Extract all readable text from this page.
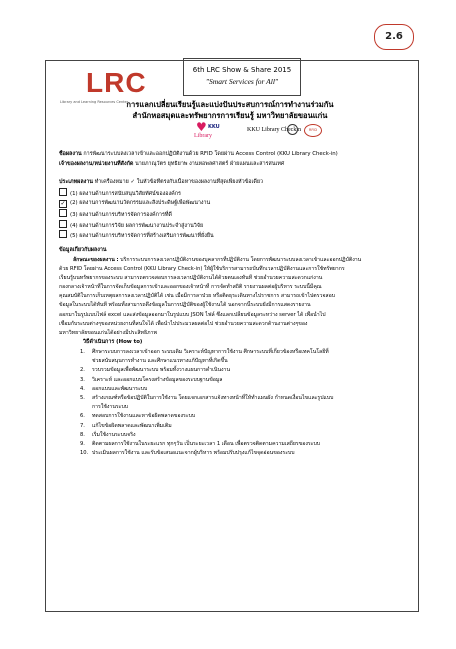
2.6
LRC
Library and Learning Resources Center
6th LRC Show & Share 2015
"Smart Services for All"
การแลกเปลี่ยนเรียนรู้และแบ่งปันประสบการณ์การทำงานร่วมกัน
สำนักหอสมุดและทรัพยากรการเรียนรู้ มหาวิทยาลัยขอนแก่น
♥ KKU
Library
KKU Library Checkin	RFID
ชื่อผลงาน การพัฒนาระบบลงเวลาเข้าและออกปฏิบัติงานด้วย RFID โดยผ่าน Access Control (KKU Library Check-in)
เจ้าของผลงาน/หน่วยงานที่สังกัด นายภาณุวัตร ยุทธิยาพ งานหอพลศาสตร์ ฝ่ายแผนและสารสนเทศ
ประเภทผลงาน ทำเครื่องหมาย ✓ ในหัวข้อที่ตรงกับเนื้อหาของผลงานที่สุดเพียงหัวข้อเดียว
(1) ผลงานด้านการสนับสนุนวิสัยทัศน์ขององค์กร
✓ (2) ผลงานการพัฒนานวัตกรรมและสิ่งประดิษฐ์เพื่อพัฒนางาน
(3) ผลงานด้านการบริหารจัดการองค์การที่ดี
(4) ผลงานด้านการวิจัย ผลการพัฒนางานประจำสู่งานวิจัย
(5) ผลงานด้านการบริหารจัดการที่สร้างเสริมการพัฒนาที่ยั่งยืน
ข้อมูลเกี่ยวกับผลงาน
ลักษณะของผลงาน : บริการระบบการลงเวลาปฏิบัติงานของบุคลากรที่ปฏิบัติงาน โดยการพัฒนาระบบลงเวลาเข้าและออกปฏิบัติงาน
ด้วย RFID โดยผ่าน Access Control (KKU Library Check-in) ให้ผู้ใช้บริการสามารถบันทึกเวลาปฏิบัติงานและการใช้ทรัพยากร
เรียนรู้บนทรัพยากรของระบบ สามารถตรวจสอบการลงเวลาปฏิบัติงานได้ด้วยตนเองทันที ช่วยอำนวยความสะดวกแก่งาน
กองกลางเจ้าหน้าที่ในการจัดเก็บข้อมูลการเข้าและออกของเจ้าหน้าที่ การจัดทำสถิติ รายงานผลต่อผู้บริหาร ระบบนี้มีคุณ
คุณสมบัติในการเก็บเหตุผลการลงเวลาปฏิบัติได้ เช่น เมื่อมีการลาป่วย หรือติดธุระเดินทางไปราชการ สามารถเข้าไปตรวจสอบ
ข้อมูลในระบบได้ทันที พร้อมทั้งสามารถดึงข้อมูลในการปฏิบัติของผู้ใช้งานได้ นอกจากนี้ระบบยังมีการแสดงรายงาน
ออกมาในรูปแบบไฟล์ excel และส่งข้อมูลออกมาในรูปแบบ JSON ไฟล์ ซึ่งแลกเปลี่ยนข้อมูลระหว่าง server ได้ เพื่อนำไป
เชื่อมกับระบบต่างๆของหน่วยงานที่สนใจได้ เพื่อนำไปประมวลผลต่อไป ช่วยอำนวยความสะดวกด้านงานต่างๆของ
มหาวิทยาลัยขอนแก่นได้อย่างมีประสิทธิภาพ
วิธีดำเนินการ (How to)
1. ศึกษาระบบการลงเวลาเข้าออก ระบบเดิม วิเคราะห์ปัญหาการใช้งาน ศึกษาระบบที่เกี่ยวข้องหรือเทคโนโลยีที่
ช่วยสนับสนุนการทำงาน และศึกษาแนวทางแก้ปัญหาที่เกิดขึ้น
2. รวบรวมข้อมูลเพื่อพัฒนาระบบ พร้อมทั้งวางแผนการดำเนินงาน
3. วิเคราะห์ และออกแบบโครงสร้างข้อมูลของระบบฐานข้อมูล
4. ออกแบบและพัฒนาระบบ
5. สร้างเกณฑ์หรือข้อปฏิบัติในการใช้งาน โดยแจกเอกสารแจ้งทางหน้าที่ให้ทำแผนผัง กำหนดเงื่อนไขและรูปแบบ
การใช้งานระบบ
6. ทดสอบการใช้งานและหาข้อผิดพลาดของระบบ
7. แก้ไขข้อผิดพลาดและพัฒนาเพิ่มเติม
8. เริ่มใช้งานระบบจริง
9. ติดตามผลการใช้งานในระยะแรก ทุกๆวัน เป็นระยะเวลา 1 เดือน เพื่อตรวจติดตามความเสถียรของระบบ
10. ประเมินผลการใช้งาน และรับข้อเสนอแนะจากผู้บริหาร พร้อมปรับปรุงแก้ไขจุดอ่อนของระบบ
